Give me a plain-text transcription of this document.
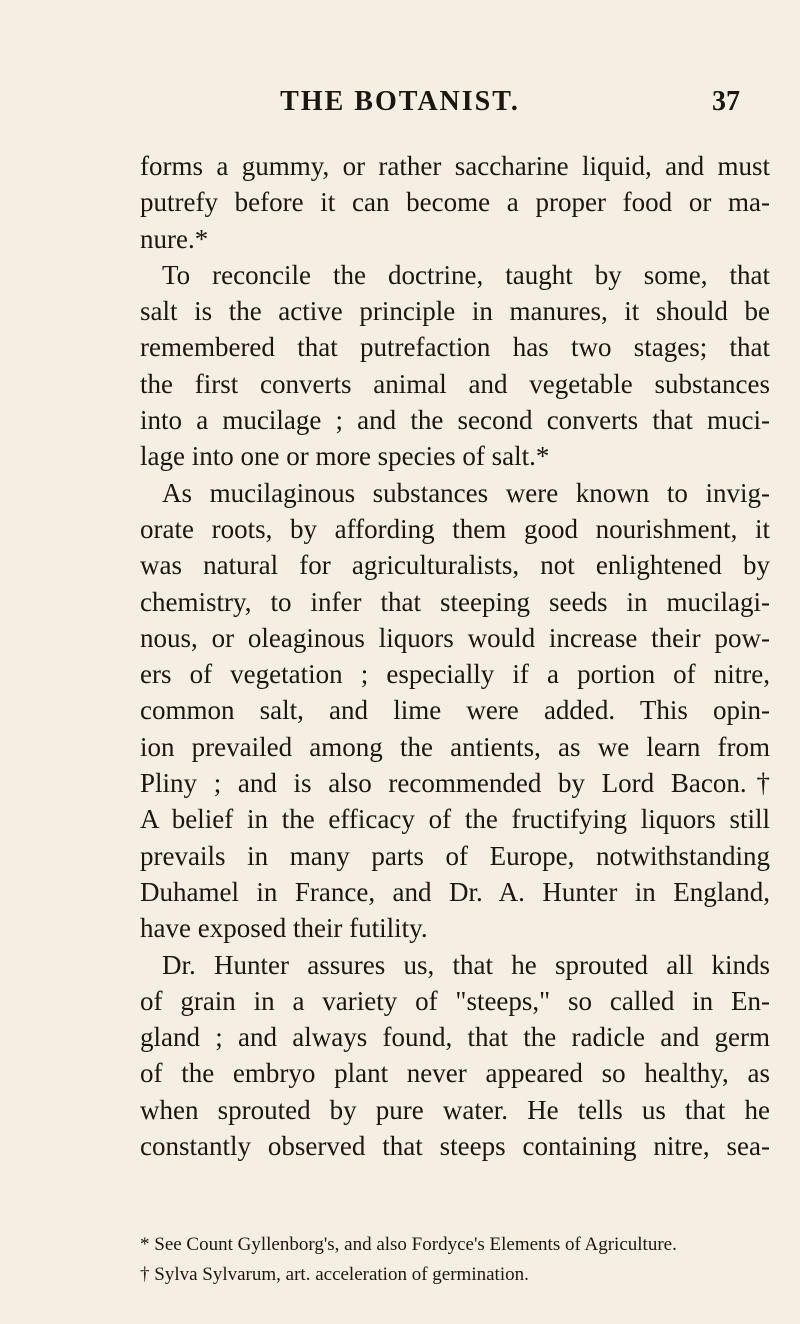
THE BOTANIST.	37
forms a gummy, or rather saccharine liquid, and must
putrefy before it can become a proper food or ma-
nure.*
To reconcile the doctrine, taught by some, that
salt is the active principle in manures, it should be
remembered that putrefaction has two stages; that
the first converts animal and vegetable substances
into a mucilage ; and the second converts that muci-
lage into one or more species of salt.*
As mucilaginous substances were known to invig-
orate roots, by affording them good nourishment, it
was natural for agriculturalists, not enlightened by
chemistry, to infer that steeping seeds in mucilagi-
nous, or oleaginous liquors would increase their pow-
ers of vegetation ; especially if a portion of nitre,
common salt, and lime were added. This opin-
ion prevailed among the antients, as we learn from
Pliny ; and is also recommended by Lord Bacon.†
A belief in the efficacy of the fructifying liquors still
prevails in many parts of Europe, notwithstanding
Duhamel in France, and Dr. A. Hunter in England,
have exposed their futility.
Dr. Hunter assures us, that he sprouted all kinds
of grain in a variety of "steeps," so called in En-
gland ; and always found, that the radicle and germ
of the embryo plant never appeared so healthy, as
when sprouted by pure water. He tells us that he
constantly observed that steeps containing nitre, sea-
* See Count Gyllenborg's, and also Fordyce's Elements of Agriculture.
† Sylva Sylvarum, art. acceleration of germination.
